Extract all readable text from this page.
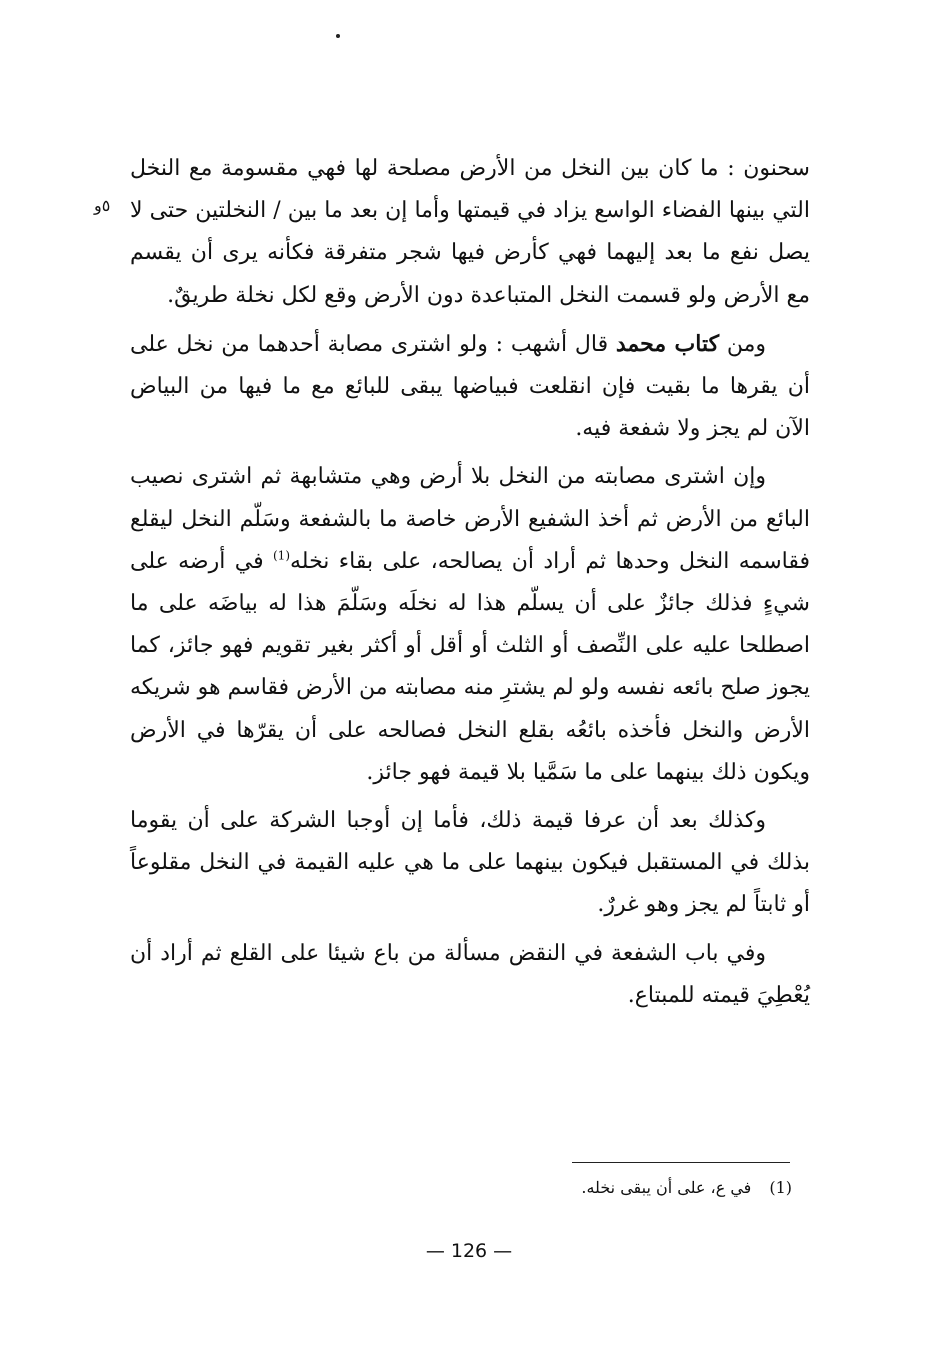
٥و

سحنون : ما كان بين النخل من الأرض مصلحة لها فهي مقسومة مع النخل التي بينها الفضاء الواسع يزاد في قيمتها وأما إن بعد ما بين / النخلتين حتى لا يصل نفع ما بعد إليهما فهي كأرض فيها شجر متفرقة فكأنه يرى أن يقسم مع الأرض ولو قسمت النخل المتباعدة دون الأرض وقع لكل نخلة طريقٌ.

ومن كتاب محمد قال أشهب : ولو اشترى مصابة أحدهما من نخل على أن يقرها ما بقيت فإن انقلعت فبياضها يبقى للبائع مع ما فيها من البياض الآن لم يجز ولا شفعة فيه.

وإن اشترى مصابته من النخل بلا أرض وهي متشابهة ثم اشترى نصيب البائع من الأرض ثم أخذ الشفيع الأرض خاصة ما بالشفعة وسَلّم النخل ليقلع فقاسمه النخل وحدها ثم أراد أن يصالحه، على بقاء نخله$^{(1)}$ في أرضه على شيءٍ فذلك جائزٌ على أن يسلّم هذا له نخلَه وسَلّمَ هذا له بياضَه على ما اصطلحا عليه على النِّصف أو الثلث أو أقل أو أكثر بغير تقويم فهو جائز، كما يجوز صلح بائعه نفسه ولو لم يشترِ منه مصابته من الأرض فقاسم هو شريكه الأرض والنخل فأخذه بائعُه بقلع النخل فصالحه على أن يقرّها في الأرض ويكون ذلك بينهما على ما سَمَّيا بلا قيمة فهو جائز.

وكذلك بعد أن عرفا قيمة ذلك، فأما إن أوجبا الشركة على أن يقوما بذلك في المستقبل فيكون بينهما على ما هي عليه القيمة في النخل مقلوعاً أو ثابتاً لم يجز وهو غررٌ.

وفي باب الشفعة في النقض مسألة من باع شيئا على القلع ثم أراد أن يُعْطِيَ قيمته للمبتاع.

(1)في ع، على أن يبقى نخله.
— 126 —
